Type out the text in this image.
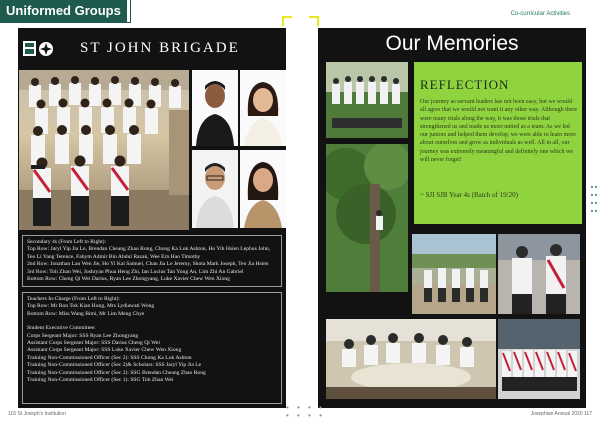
Uniformed Groups	Co-curricular Activities
ST JOHN BRIGADE
Secondary 4s (From Left to Right):
Top Row: Jaryl Yip Jia Le, Brendan Cheang Zhao Rong, Chong Ka Lok Ashton, Ho Yih Hsien Lephus John, Teo Li Yang Terence, Fahym Admir Bin Abdul Razak, Wee Ern Hao Timothy
2nd Row: Jonathan Lau Wen Jie, Ho Yi Kai Samuel, Chan Jia Le Jeremy, Shota Mark Joseph, Teo Jia Hsien
3rd Row: Toh Zhan Wei, Joshryan Phua Heng Zhi, Ian Lucius Tan Yong An, Lim Zhi An Gabriel
Bottom Row: Cheng Qi Wei Darius, Ryan Lee Zhongyang, Luke Xavier Chew Wen Xiong
Teachers In-Charge (From Left to Right):
Top Row: Mr Ron Tok Kian Hong, Mrs Lydiawati Wong
Bottom Row: Miss Wang Bimi, Mr Lim Meng Chye
Student Executive Committee:
Corps Sergeant Major: SSS Ryan Lee Zhongyang
Assistant Corps Sergeant Major: SSS Darius Cheng Qi Wei
Assistant Corps Sergeant Major: SSS Luke Xavier Chew Wen Xiong
Training Non-Commissioned Officer (Sec 2): SSS Chong Ka Lok Ashton
Training Non-Commissioned Officer (Sec 2)& Scholars: SSS Jaryl Yip Jia Le
Training Non-Commissioned Officer (Sec 2): SSG Brendan Cheang Zhao Rong
Training Non-Commissioned Officer (Sec 1): SSG Toh Zhan Wei
Our Memories
REFLECTION
Our journey as servant leaders has not been easy, but we would all agree that we would not want it any other way. Although there were many trials along the way, it was those trials that strengthened us and made us more united as a team. As we led our juniors and helped them develop, we were able to learn more about ourselves and grow as individuals as well. All in all, our journey was extremely meaningful and definitely one which we will never forget!
~ SJI SJB Year 4s (Batch of 19/20)
116 St Joseph's Institution	Josephian Annual 2020 117
• • • •
• • • •
